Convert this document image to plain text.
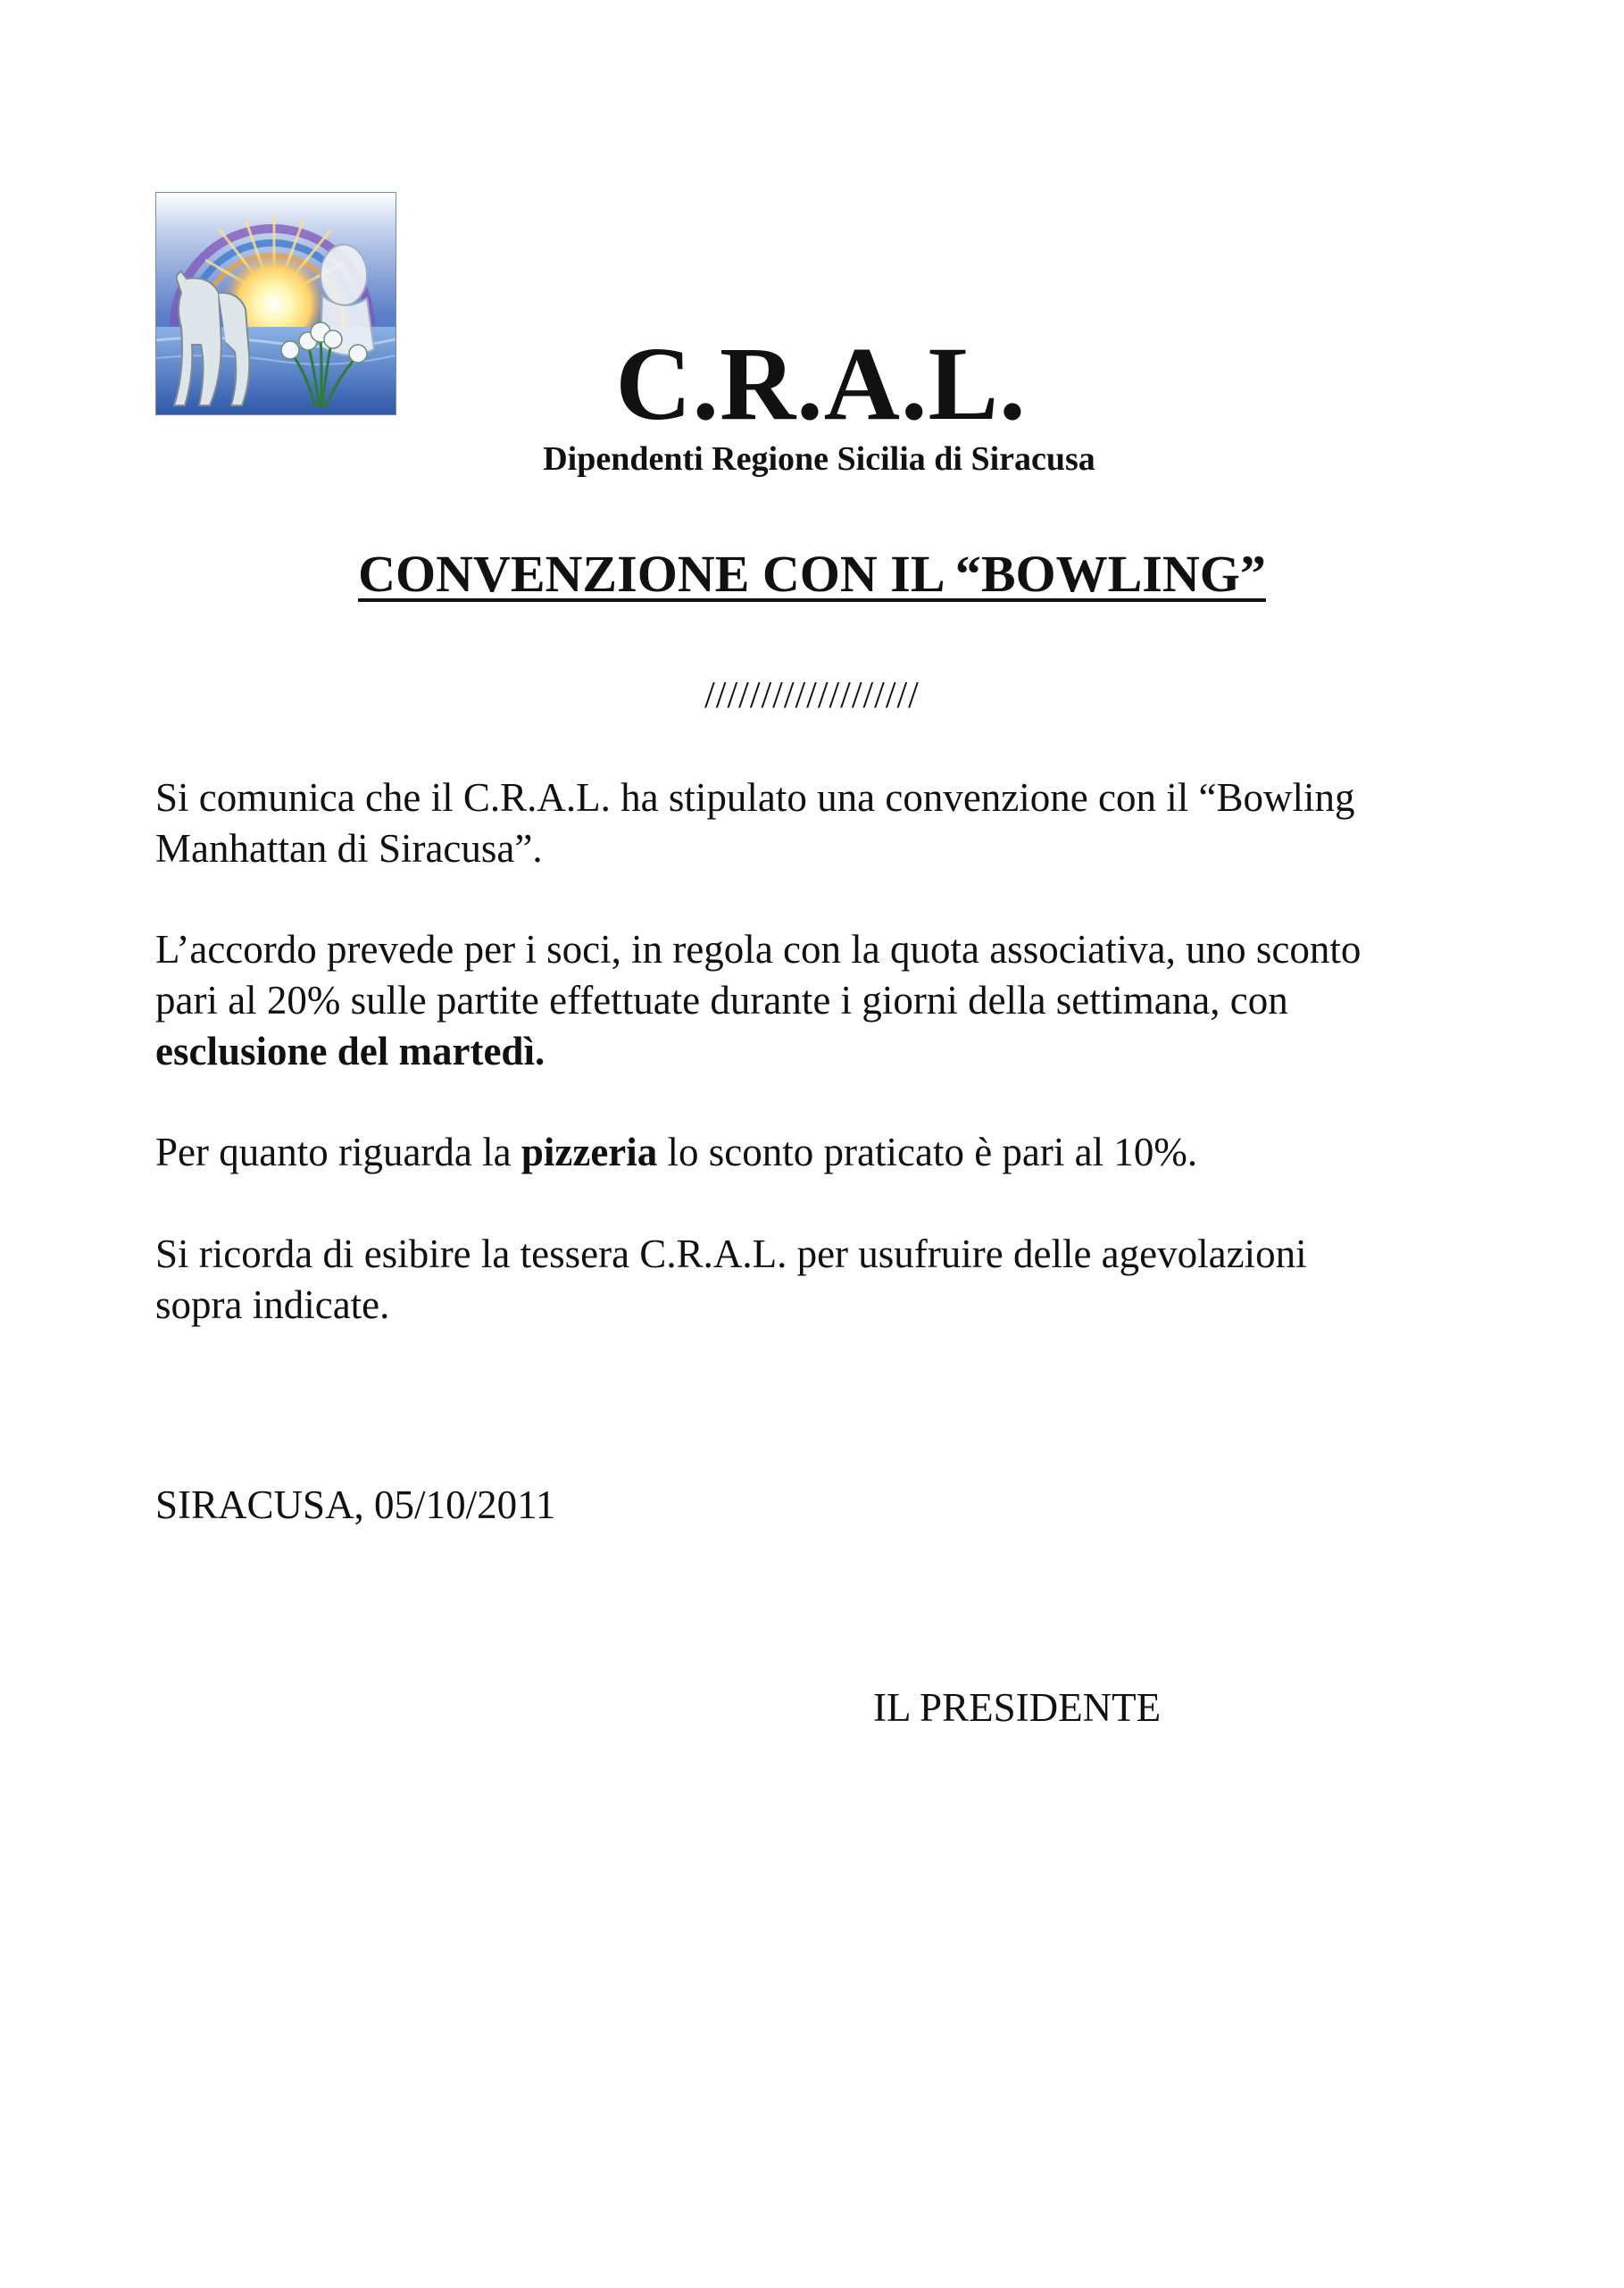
C.R.A.L.
Dipendenti Regione Sicilia di Siracusa
CONVENZIONE CON IL “BOWLING”
///////////////////

Si comunica che il C.R.A.L. ha stipulato una convenzione con il “Bowling
Manhattan di Siracusa”.

L’accordo prevede per i soci, in regola con la quota associativa, uno sconto
pari al 20% sulle partite effettuate durante i giorni della settimana, con
esclusione del martedì.

Per quanto riguarda la pizzeria lo sconto praticato è pari al 10%.

Si ricorda di esibire la tessera C.R.A.L. per usufruire delle agevolazioni
sopra indicate.

SIRACUSA, 05/10/2011
IL PRESIDENTE
